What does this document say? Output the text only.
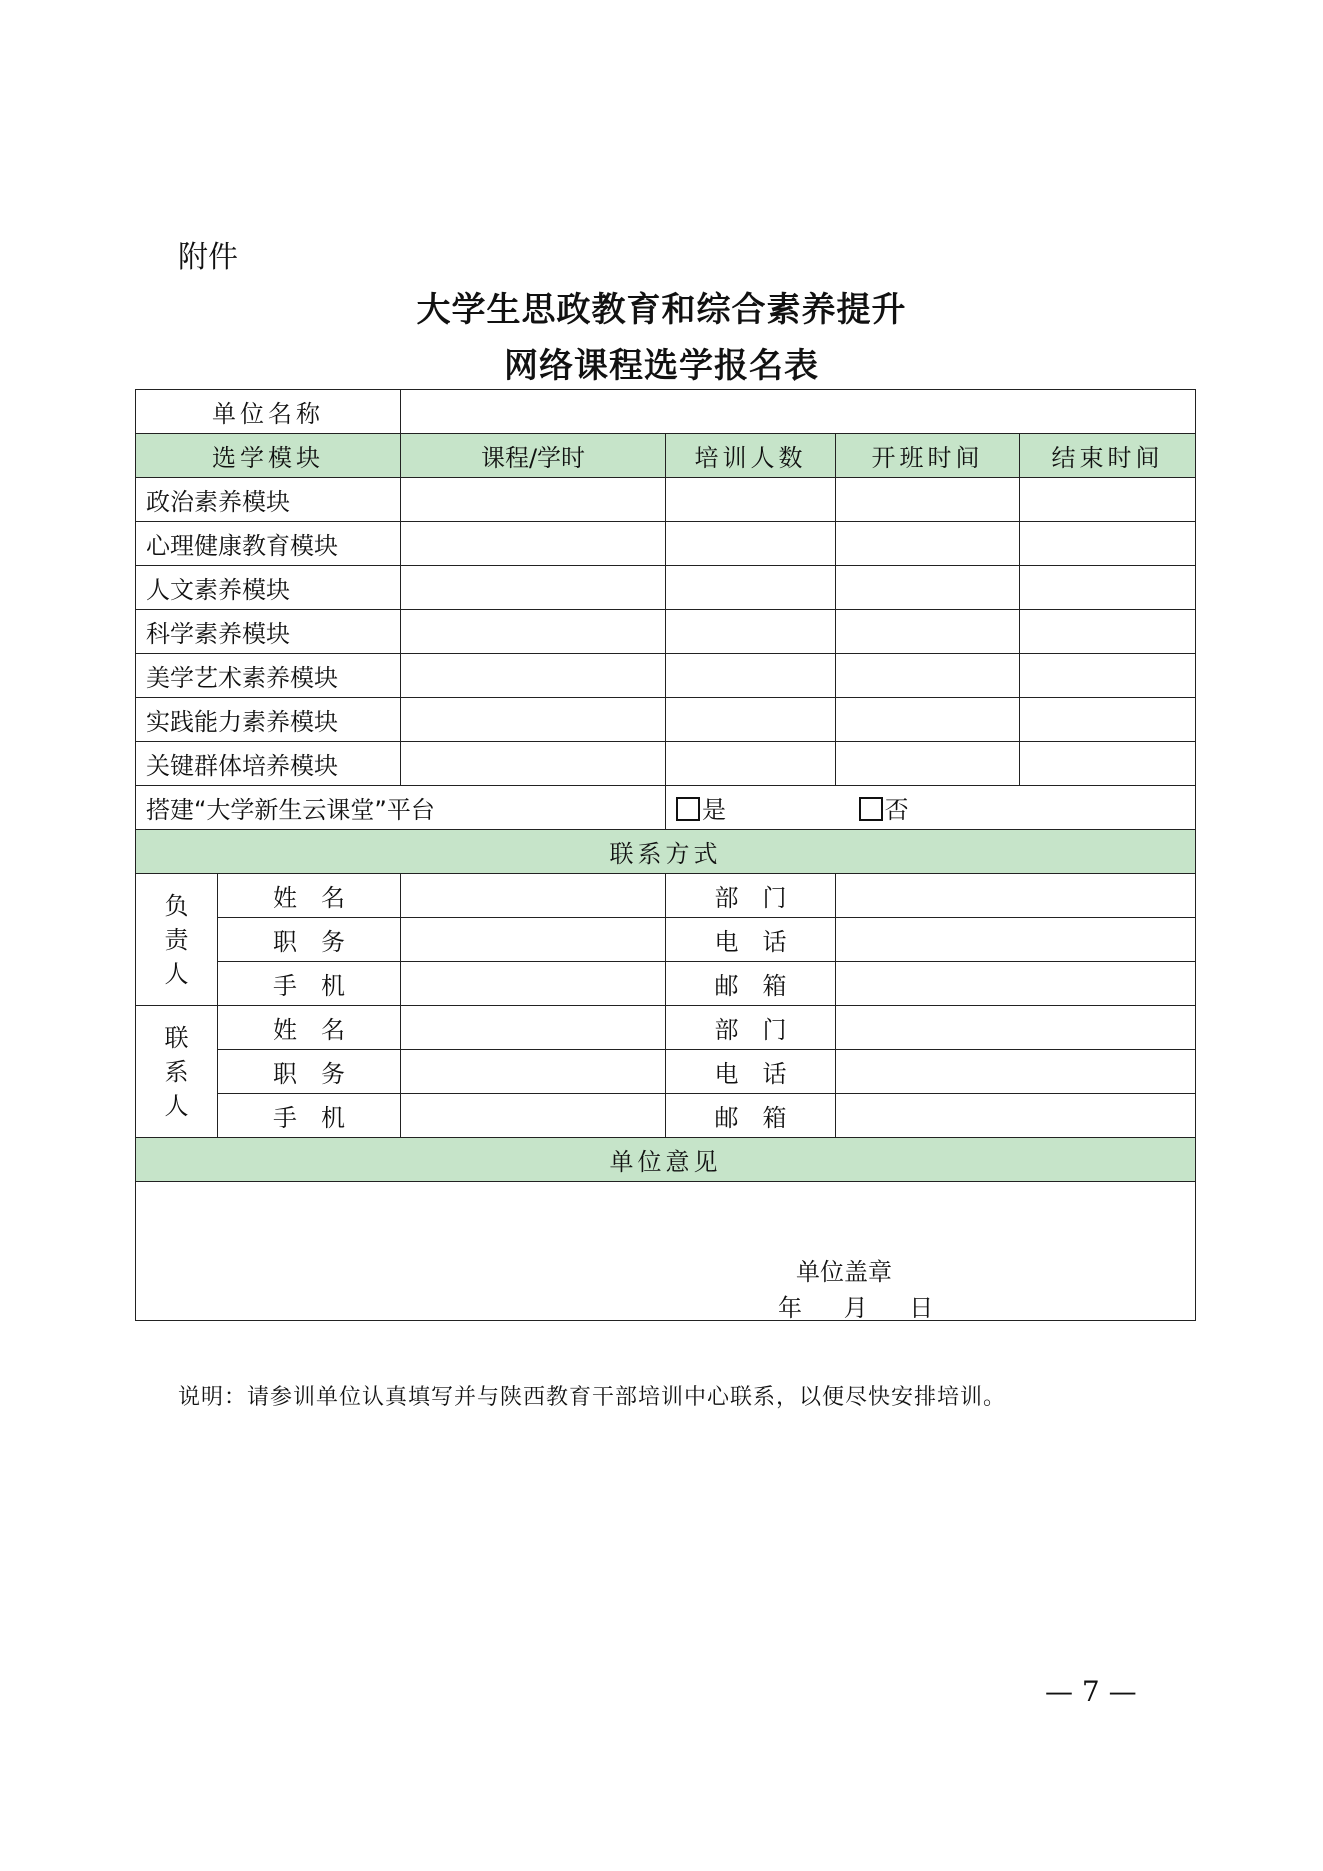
附件
大学生思政教育和综合素养提升
网络课程选学报名表
单位名称					
选学模块		课程/学时	培训人数	开班时间	结束时间
政治素养模块					
心理健康教育模块					
人文素养模块					
科学素养模块					
美学艺术素养模块					
实践能力素养模块					
关键群体培养模块					
搭建“大学新生云课堂”平台			是 否		
联系方式					

负
责
人	姓　名		部　门		
	职　务		电　话		
	手　机		邮　箱		

联
系
人	姓　名		部　门		
	职　务		电　话		
	手　机		邮　箱		
单位意见					

单位盖章
年 月 日					
说明：请参训单位认真填写并与陕西教育干部培训中心联系，以便尽快安排培训。
— 7 —
